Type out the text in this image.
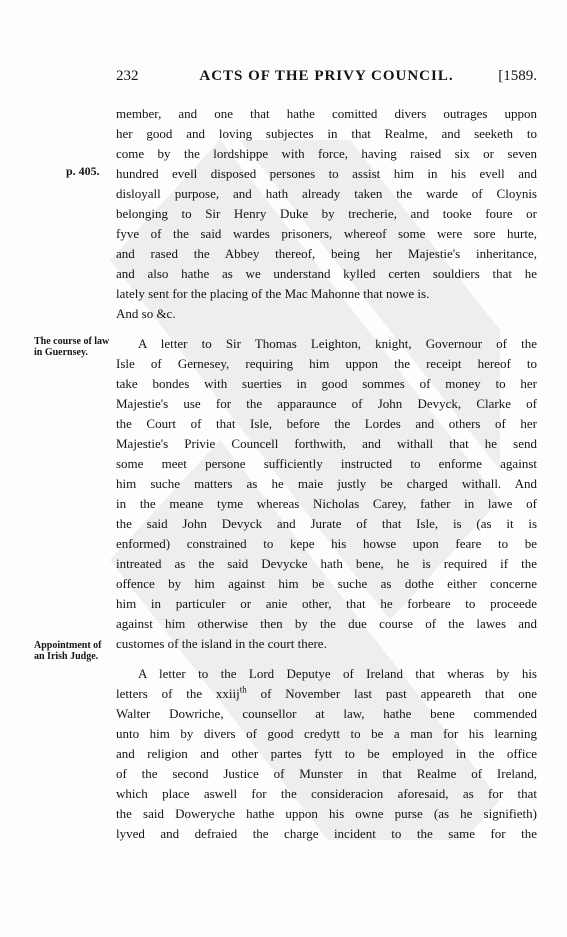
232	ACTS OF THE PRIVY COUNCIL.	[1589.
p. 405.
The course of law in Guernsey.
Appointment of an Irish Judge.
member, and one that hathe comitted divers outrages uppon
her good and loving subjectes in that Realme, and seeketh to
come by the lordshippe with force, having raised six or seven
hundred evell disposed persones to assist him in his evell and
disloyall purpose, and hath already taken the warde of Cloynis
belonging to Sir Henry Duke by trecherie, and tooke foure or
fyve of the said wardes prisoners, whereof some were sore hurte,
and rased the Abbey thereof, being her Majestie's inheritance,
and also hathe as we understand kylled certen souldiers that he
lately sent for the placing of the Mac Mahonne that nowe is.
And so &c.
A letter to Sir Thomas Leighton, knight, Governour of the
Isle of Gernesey, requiring him uppon the receipt hereof to
take bondes with suerties in good sommes of money to her
Majestie's use for the apparaunce of John Devyck, Clarke of
the Court of that Isle, before the Lordes and others of her
Majestie's Privie Councell forthwith, and withall that he send
some meet persone sufficiently instructed to enforme against
him suche matters as he maie justly be charged withall. And
in the meane tyme whereas Nicholas Carey, father in lawe of
the said John Devyck and Jurate of that Isle, is (as it is
enformed) constrained to kepe his howse upon feare to be
intreated as the said Devycke hath bene, he is required if the
offence by him against him be suche as dothe either concerne
him in particuler or anie other, that he forbeare to proceede
against him otherwise then by the due course of the lawes and
customes of the island in the court there.
A letter to the Lord Deputye of Ireland that wheras by his
letters of the xxiij$^{th}$ of November last past appeareth that one
Walter Dowriche, counsellor at law, hathe bene commended
unto him by divers of good credytt to be a man for his learning
and religion and other partes fytt to be employed in the office
of the second Justice of Munster in that Realme of Ireland,
which place aswell for the consideracion aforesaid, as for that
the said Doweryche hathe uppon his owne purse (as he signifieth)
lyved and defraied the charge incident to the same for the
